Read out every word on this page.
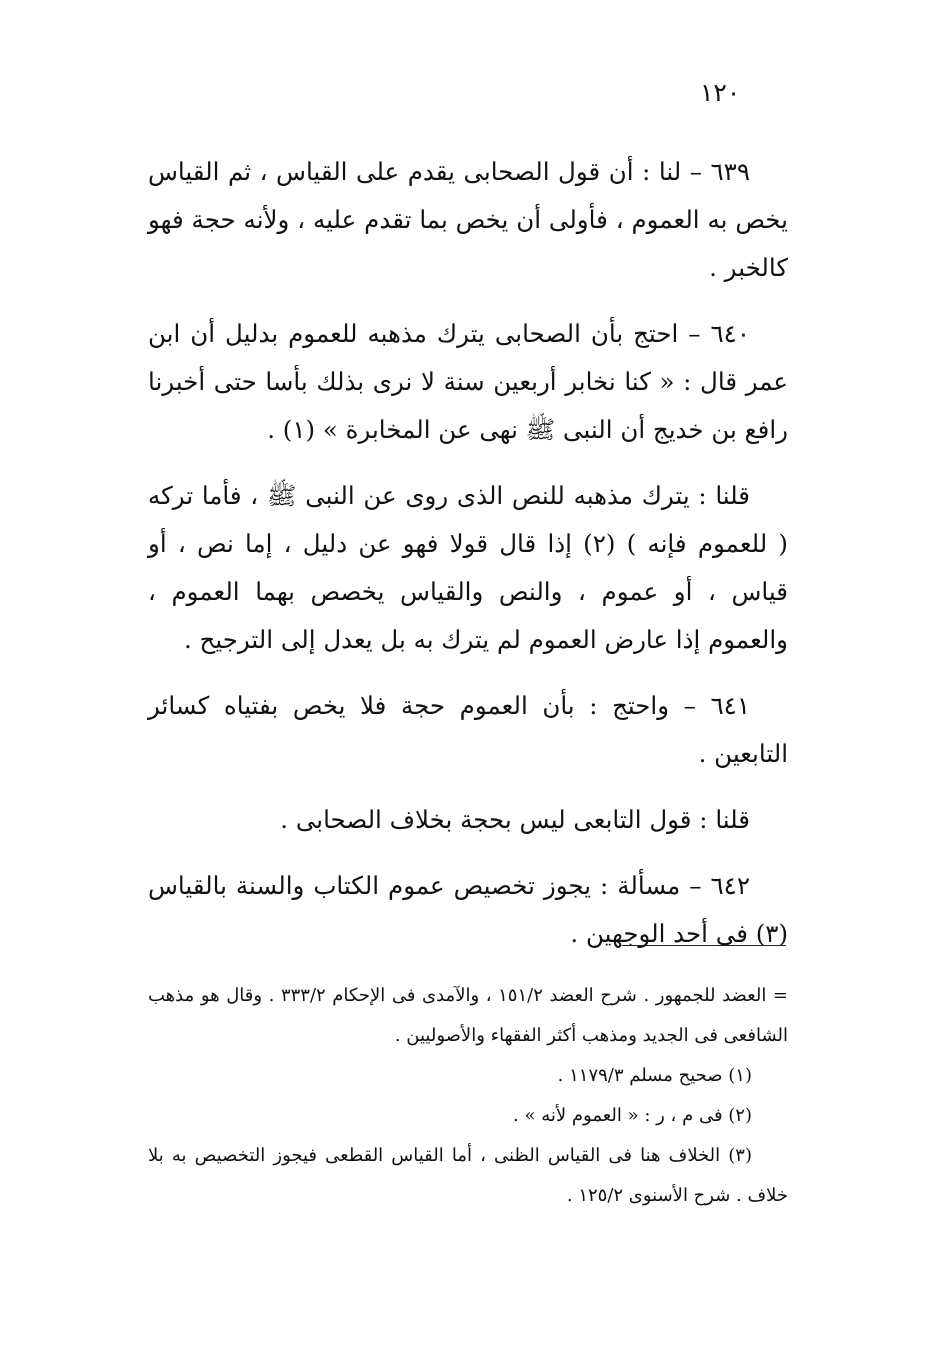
١٢٠

٦٣٩ – لنا : أن قول الصحابى يقدم على القياس ، ثم القياس يخص به العموم ، فأولى أن يخص بما تقدم عليه ، ولأنه حجة فهو كالخبر .

٦٤٠ – احتج بأن الصحابى يترك مذهبه للعموم بدليل أن ابن عمر قال : « كنا نخابر أربعين سنة لا نرى بذلك بأسا حتى أخبرنا رافع بن خديج أن النبى ﷺ نهى عن المخابرة » (١) .

قلنا : يترك مذهبه للنص الذى روى عن النبى ﷺ ، فأما تركه ( للعموم فإنه ) (٢) إذا قال قولا فهو عن دليل ، إما نص ، أو قياس ، أو عموم ، والنص والقياس يخصص بهما العموم ، والعموم إذا عارض العموم لم يترك به بل يعدل إلى الترجيح .

٦٤١ – واحتج : بأن العموم حجة فلا يخص بفتياه كسائر التابعين .

قلنا : قول التابعى ليس بحجة بخلاف الصحابى .

٦٤٢ – مسألة : يجوز تخصيص عموم الكتاب والسنة بالقياس (٣) فى أحد الوجهين .

= العضد للجمهور . شرح العضد ١٥١/٢ ، والآمدى فى الإحكام ٣٣٣/٢ . وقال هو مذهب الشافعى فى الجديد ومذهب أكثر الفقهاء والأصوليين .

(١) صحيح مسلم ١١٧٩/٣ .

(٢) فى م ، ر : « العموم لأنه » .

(٣) الخلاف هنا فى القياس الظنى ، أما القياس القطعى فيجوز التخصيص به بلا خلاف . شرح الأسنوى ١٢٥/٢ .
